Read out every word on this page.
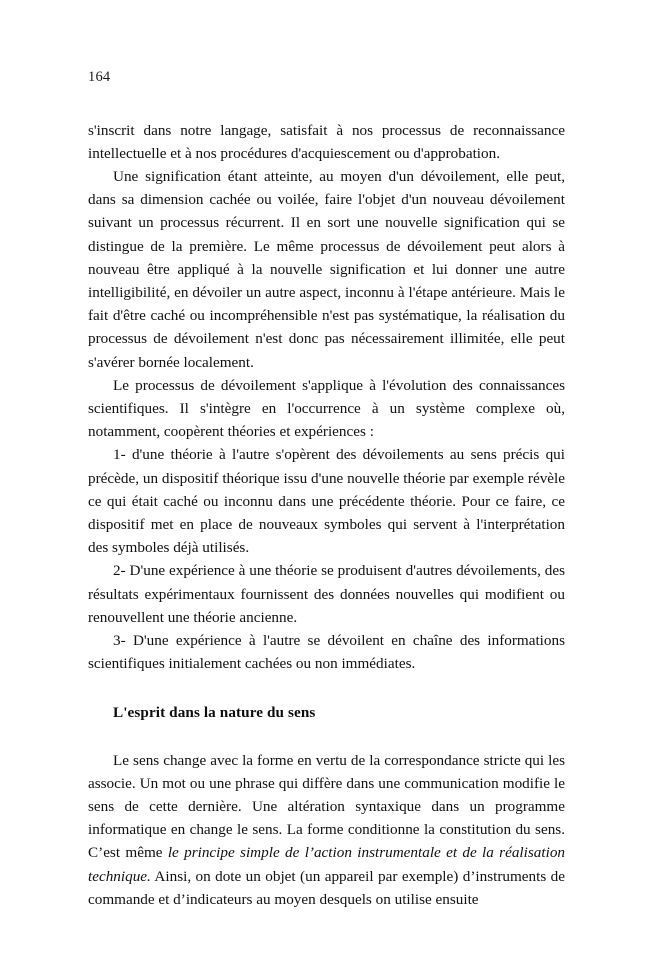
164

s'inscrit dans notre langage, satisfait à nos processus de reconnaissance intellectuelle et à nos procédures d'acquiescement ou d'approbation.

Une signification étant atteinte, au moyen d'un dévoilement, elle peut, dans sa dimension cachée ou voilée, faire l'objet d'un nouveau dévoilement suivant un processus récurrent. Il en sort une nouvelle signification qui se distingue de la première. Le même processus de dévoilement peut alors à nouveau être appliqué à la nouvelle signification et lui donner une autre intelligibilité, en dévoiler un autre aspect, inconnu à l'étape antérieure. Mais le fait d'être caché ou incompréhensible n'est pas systématique, la réalisation du processus de dévoilement n'est donc pas nécessairement illimitée, elle peut s'avérer bornée localement.

Le processus de dévoilement s'applique à l'évolution des connaissances scientifiques. Il s'intègre en l'occurrence à un système complexe où, notamment, coopèrent théories et expériences :

1- d'une théorie à l'autre s'opèrent des dévoilements au sens précis qui précède, un dispositif théorique issu d'une nouvelle théorie par exemple révèle ce qui était caché ou inconnu dans une précédente théorie. Pour ce faire, ce dispositif met en place de nouveaux symboles qui servent à l'interprétation des symboles déjà utilisés.

2- D'une expérience à une théorie se produisent d'autres dévoilements, des résultats expérimentaux fournissent des données nouvelles qui modifient ou renouvellent une théorie ancienne.

3- D'une expérience à l'autre se dévoilent en chaîne des informations scientifiques initialement cachées ou non immédiates.

L'esprit dans la nature du sens

Le sens change avec la forme en vertu de la correspondance stricte qui les associe. Un mot ou une phrase qui diffère dans une communication modifie le sens de cette dernière. Une altération syntaxique dans un programme informatique en change le sens. La forme conditionne la constitution du sens. C’est même le principe simple de l’action instrumentale et de la réalisation technique. Ainsi, on dote un objet (un appareil par exemple) d’instruments de commande et d’indicateurs au moyen desquels on utilise ensuite
